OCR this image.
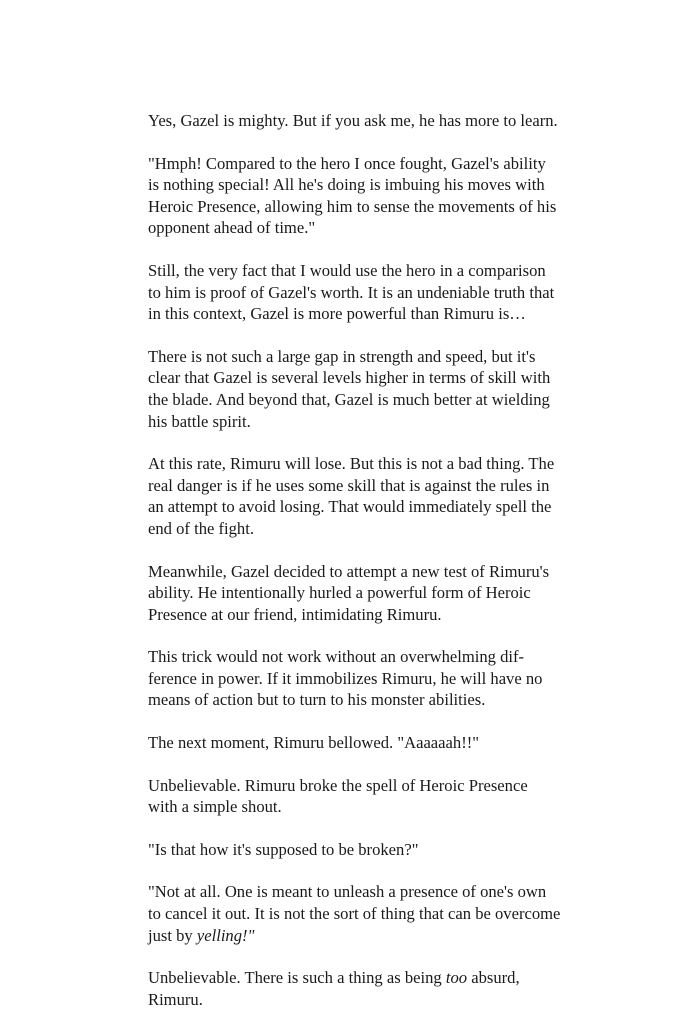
Yes, Gazel is mighty. But if you ask me, he has more to learn.

"Hmph! Compared to the hero I once fought, Gazel's ability
is nothing special! All he's doing is imbuing his moves with
Heroic Presence, allowing him to sense the movements of his
opponent ahead of time."

Still, the very fact that I would use the hero in a comparison
to him is proof of Gazel's worth. It is an undeniable truth that
in this context, Gazel is more powerful than Rimuru is…

There is not such a large gap in strength and speed, but it's
clear that Gazel is several levels higher in terms of skill with
the blade. And beyond that, Gazel is much better at wielding
his battle spirit.

At this rate, Rimuru will lose. But this is not a bad thing. The
real danger is if he uses some skill that is against the rules in
an attempt to avoid losing. That would immediately spell the
end of the fight.

Meanwhile, Gazel decided to attempt a new test of Rimuru's
ability. He intentionally hurled a powerful form of Heroic
Presence at our friend, intimidating Rimuru.

This trick would not work without an overwhelming dif-
ference in power. If it immobilizes Rimuru, he will have no
means of action but to turn to his monster abilities.

The next moment, Rimuru bellowed. "Aaaaaah!!"

Unbelievable. Rimuru broke the spell of Heroic Presence
with a simple shout.

"Is that how it's supposed to be broken?"

"Not at all. One is meant to unleash a presence of one's own
to cancel it out. It is not the sort of thing that can be overcome
just by yelling!"

Unbelievable. There is such a thing as being too absurd,
Rimuru.
